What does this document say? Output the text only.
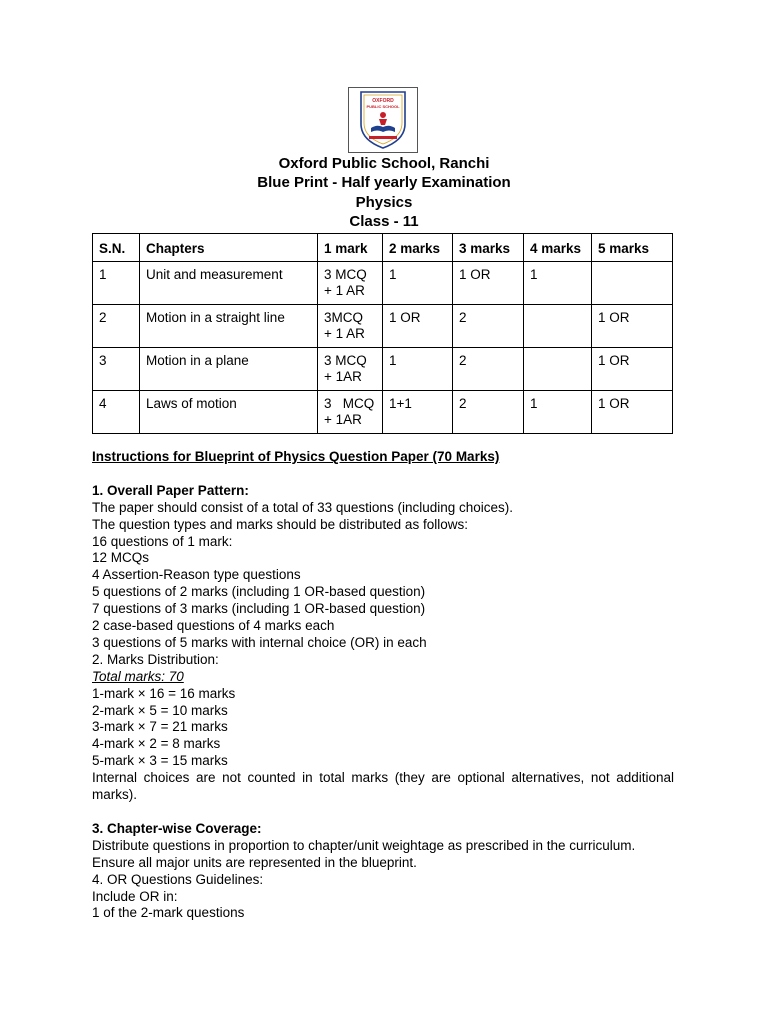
OXFORD
PUBLIC SCHOOL
Oxford Public School, Ranchi
Blue Print - Half yearly Examination
Physics
Class - 11
S.N.	Chapters	1 mark	2 marks	3 marks	4 marks	5 marks
1	Unit and measurement	3 MCQ
+ 1 AR	1	1 OR	1	
2	Motion in a straight line	3MCQ
+ 1 AR	1 OR	2		1 OR
3	Motion in a plane	3 MCQ
+ 1AR	1	2		1 OR
4	Laws of motion	3   MCQ
+ 1AR	1+1	2	1	1 OR

Instructions for Blueprint of Physics Question Paper (70 Marks)

1. Overall Paper Pattern:

The paper should consist of a total of 33 questions (including choices).

The question types and marks should be distributed as follows:

16 questions of 1 mark:

12 MCQs

4 Assertion-Reason type questions

5 questions of 2 marks (including 1 OR-based question)

7 questions of 3 marks (including 1 OR-based question)

2 case-based questions of 4 marks each

3 questions of 5 marks with internal choice (OR) in each

2. Marks Distribution:

Total marks: 70

1-mark × 16 = 16 marks

2-mark × 5 = 10 marks

3-mark × 7 = 21 marks

4-mark × 2 = 8 marks

5-mark × 3 = 15 marks

Internal choices are not counted in total marks (they are optional alternatives, not additional marks).

3. Chapter-wise Coverage:

Distribute questions in proportion to chapter/unit weightage as prescribed in the curriculum.

Ensure all major units are represented in the blueprint.

4. OR Questions Guidelines:

Include OR in:

1 of the 2-mark questions
